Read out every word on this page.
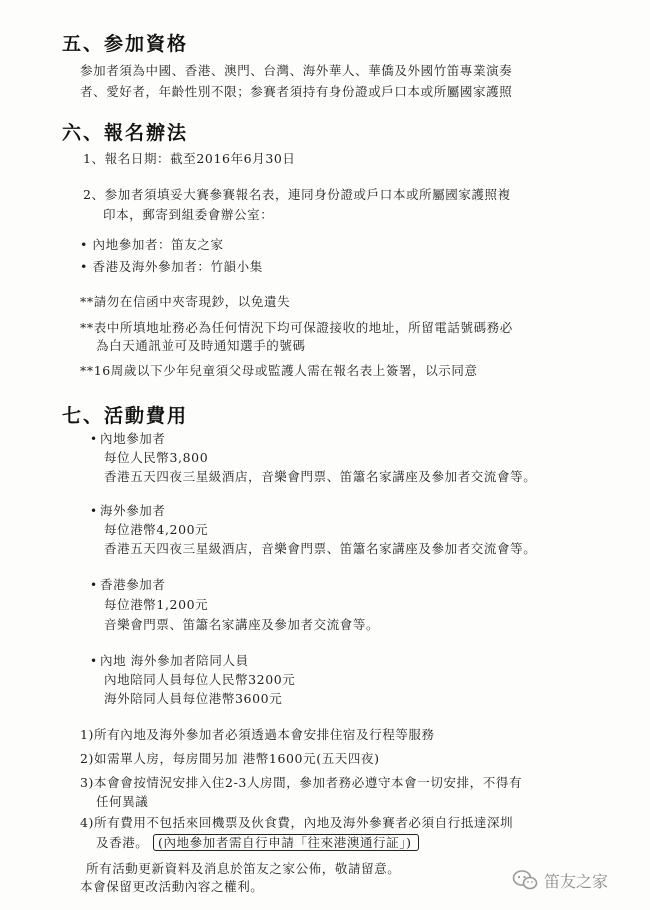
五、参加資格
参加者須為中國、香港、澳門、台灣、海外華人、華僑及外國竹笛專業演奏
者、愛好者，年齡性別不限；参賽者須持有身份證或戶口本或所屬國家護照
六、報名辦法
1、報名日期：截至2016年6月30日
2、参加者須填妥大賽參賽報名表，連同身份證或戶口本或所屬國家護照複
印本，郵寄到組委會辦公室：
• 內地參加者：笛友之家
• 香港及海外參加者：竹韻小集
**請勿在信函中夾寄現鈔，以免遺失
**表中所填地址務必為任何情況下均可保證接收的地址，所留電話號碼務必
為白天通訊並可及時通知選手的號碼
**16周歲以下少年兒童須父母或監護人需在報名表上簽署，以示同意
七、活動費用
• 內地參加者
每位人民幣3,800
香港五天四夜三星級酒店，音樂會門票、笛簫名家講座及參加者交流會等。
• 海外參加者
每位港幣4,200元
香港五天四夜三星級酒店，音樂會門票、笛簫名家講座及參加者交流會等。
• 香港參加者
每位港幣1,200元
音樂會門票、笛簫名家講座及參加者交流會等。
• 內地 海外參加者陪同人員
內地陪同人員每位人民幣3200元
海外陪同人員每位港幣3600元
1)所有內地及海外參加者必須透過本會安排住宿及行程等服務
2)如需單人房，每房間另加 港幣1600元(五天四夜)
3)本會會按情況安排入住2-3人房間，參加者務必遵守本會一切安排，不得有
任何異議
4)所有費用不包括來回機票及伙食費，內地及海外參賽者必須自行抵達深圳
及香港。 (內地參加者需自行申請「往來港澳通行証」)
所有活動更新資料及消息於笛友之家公佈，敬請留意。
本會保留更改活動內容之權利。	笛友之家
